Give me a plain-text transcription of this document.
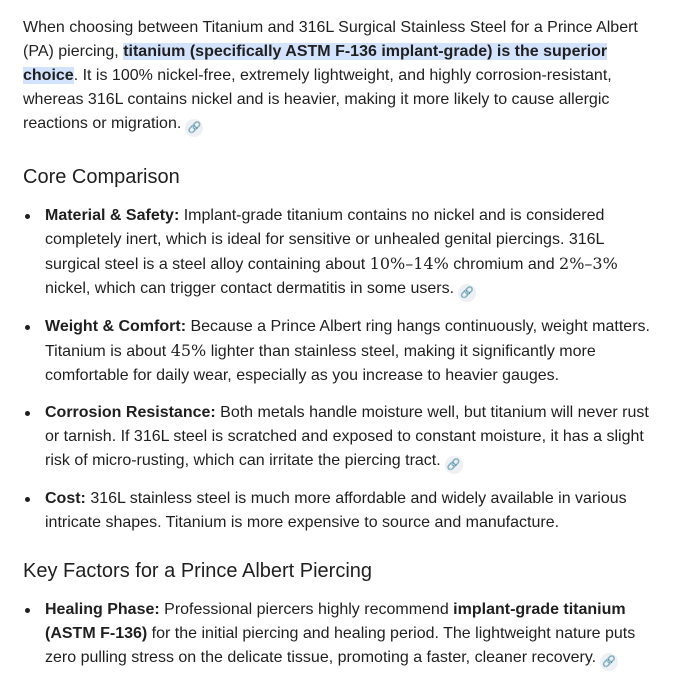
When choosing between Titanium and 316L Surgical Stainless Steel for a Prince Albert (PA) piercing, titanium (specifically ASTM F-136 implant-grade) is the superior choice. It is 100% nickel-free, extremely lightweight, and highly corrosion-resistant, whereas 316L contains nickel and is heavier, making it more likely to cause allergic reactions or migration. 🔗

Core Comparison
Material & Safety: Implant-grade titanium contains no nickel and is considered completely inert, which is ideal for sensitive or unhealed genital piercings. 316L surgical steel is a steel alloy containing about 10%–14% chromium and 2%–3% nickel, which can trigger contact dermatitis in some users. 🔗
Weight & Comfort: Because a Prince Albert ring hangs continuously, weight matters. Titanium is about 45% lighter than stainless steel, making it significantly more comfortable for daily wear, especially as you increase to heavier gauges.
Corrosion Resistance: Both metals handle moisture well, but titanium will never rust or tarnish. If 316L steel is scratched and exposed to constant moisture, it has a slight risk of micro-rusting, which can irritate the piercing tract. 🔗
Cost: 316L stainless steel is much more affordable and widely available in various intricate shapes. Titanium is more expensive to source and manufacture.
Key Factors for a Prince Albert Piercing
Healing Phase: Professional piercers highly recommend implant-grade titanium (ASTM F-136) for the initial piercing and healing period. The lightweight nature puts zero pulling stress on the delicate tissue, promoting a faster, cleaner recovery. 🔗
